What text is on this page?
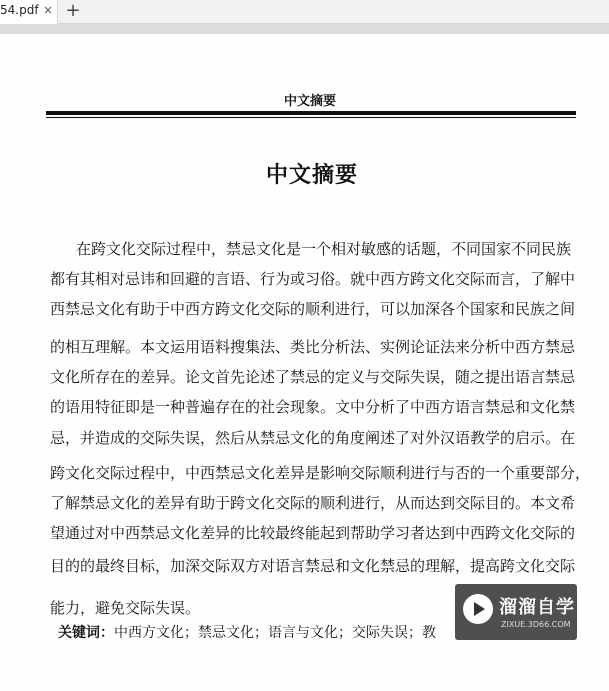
54.pdf × +
中文摘要
中文摘要
在跨文化交际过程中，禁忌文化是一个相对敏感的话题，不同国家不同民族
都有其相对忌讳和回避的言语、行为或习俗。就中西方跨文化交际而言，了解中
西禁忌文化有助于中西方跨文化交际的顺利进行，可以加深各个国家和民族之间
的相互理解。本文运用语料搜集法、类比分析法、实例论证法来分析中西方禁忌
文化所存在的差异。论文首先论述了禁忌的定义与交际失误，随之提出语言禁忌
的语用特征即是一种普遍存在的社会现象。文中分析了中西方语言禁忌和文化禁
忌，并造成的交际失误，然后从禁忌文化的角度阐述了对外汉语教学的启示。在
跨文化交际过程中，中西禁忌文化差异是影响交际顺利进行与否的一个重要部分，
了解禁忌文化的差异有助于跨文化交际的顺利进行，从而达到交际目的。本文希
望通过对中西禁忌文化差异的比较最终能起到帮助学习者达到中西跨文化交际的
目的的最终目标，加深交际双方对语言禁忌和文化禁忌的理解，提高跨文化交际
能力，避免交际失误。
关键词：中西方文化；禁忌文化；语言与文化；交际失误；教
溜溜自学
ZIXUE.3D66.COM
